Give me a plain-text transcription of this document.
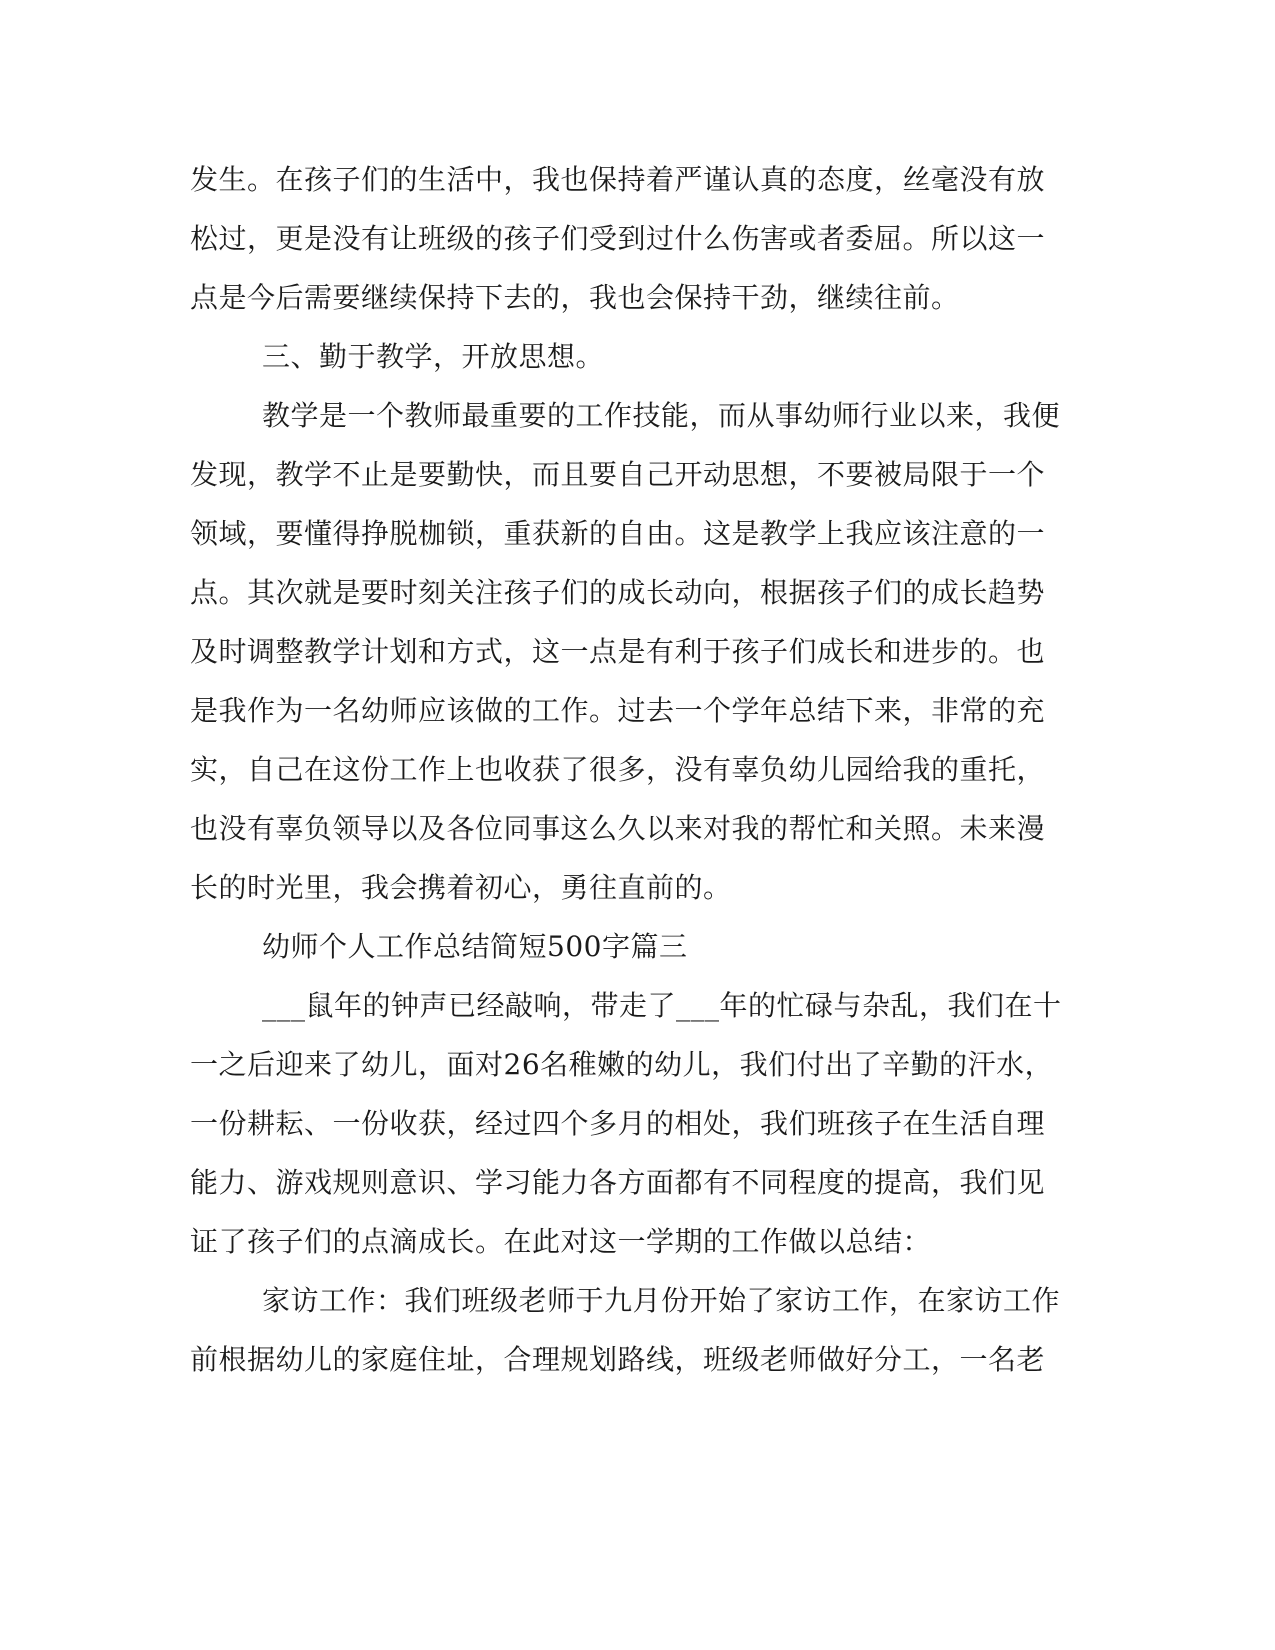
发生。在孩子们的生活中，我也保持着严谨认真的态度，丝毫没有放
松过，更是没有让班级的孩子们受到过什么伤害或者委屈。所以这一
点是今后需要继续保持下去的，我也会保持干劲，继续往前。
三、勤于教学，开放思想。
教学是一个教师最重要的工作技能，而从事幼师行业以来，我便
发现，教学不止是要勤快，而且要自己开动思想，不要被局限于一个
领域，要懂得挣脱枷锁，重获新的自由。这是教学上我应该注意的一
点。其次就是要时刻关注孩子们的成长动向，根据孩子们的成长趋势
及时调整教学计划和方式，这一点是有利于孩子们成长和进步的。也
是我作为一名幼师应该做的工作。过去一个学年总结下来，非常的充
实，自己在这份工作上也收获了很多，没有辜负幼儿园给我的重托，
也没有辜负领导以及各位同事这么久以来对我的帮忙和关照。未来漫
长的时光里，我会携着初心，勇往直前的。
幼师个人工作总结简短500字篇三
___鼠年的钟声已经敲响，带走了___年的忙碌与杂乱，我们在十
一之后迎来了幼儿，面对26名稚嫩的幼儿，我们付出了辛勤的汗水，
一份耕耘、一份收获，经过四个多月的相处，我们班孩子在生活自理
能力、游戏规则意识、学习能力各方面都有不同程度的提高，我们见
证了孩子们的点滴成长。在此对这一学期的工作做以总结：
家访工作：我们班级老师于九月份开始了家访工作，在家访工作
前根据幼儿的家庭住址，合理规划路线，班级老师做好分工，一名老
